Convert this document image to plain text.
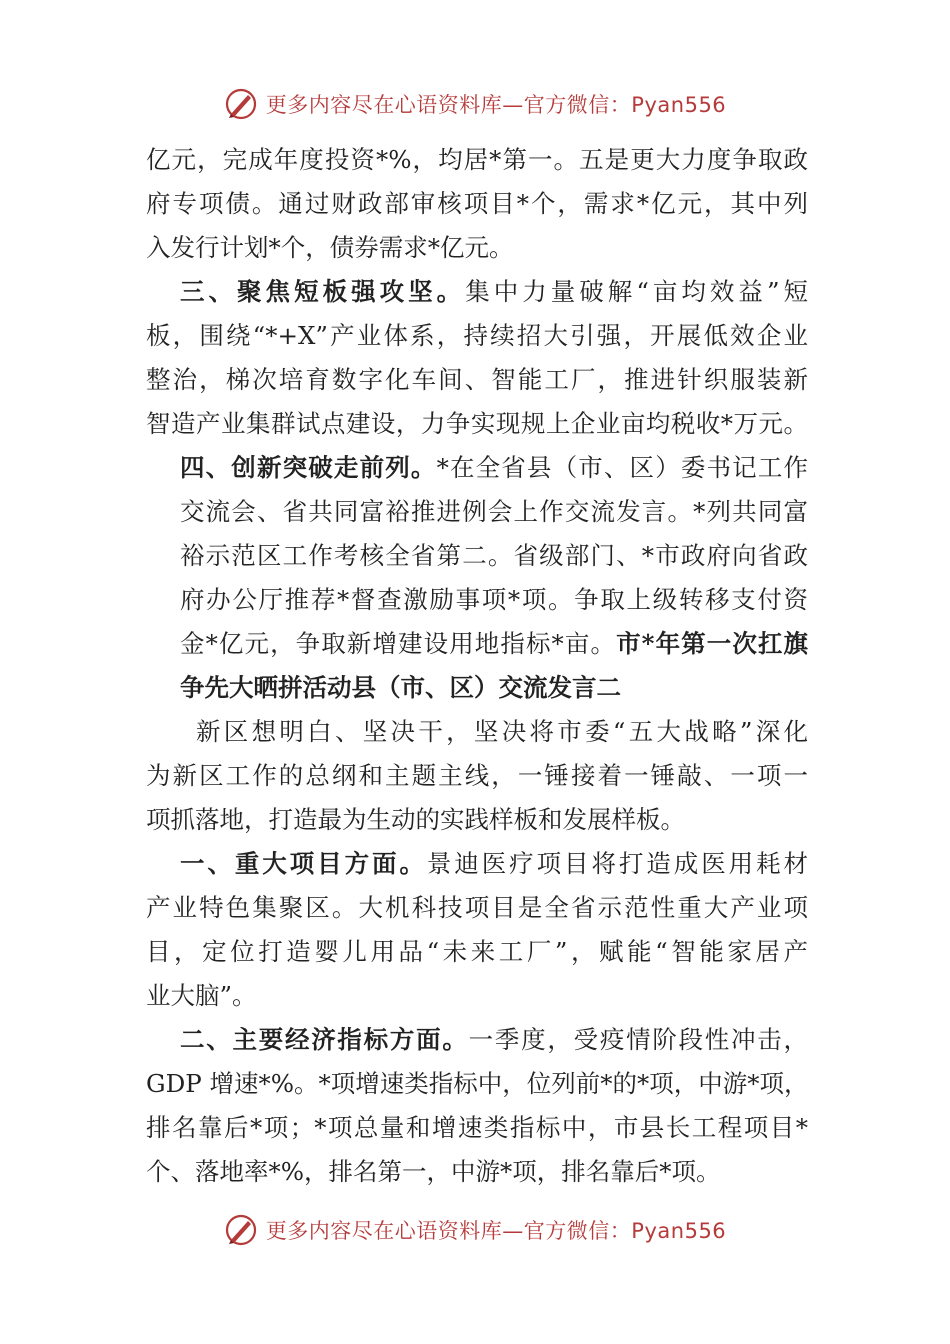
更多内容尽在心语资料库—官方微信：Pyan556
亿元，完成年度投资*%，均居*第一。五是更大力度争取政
府专项债。通过财政部审核项目*个，需求*亿元，其中列
入发行计划*个，债券需求*亿元。
三、聚焦短板强攻坚。集中力量破解“亩均效益”短
板，围绕“*+X”产业体系，持续招大引强，开展低效企业
整治，梯次培育数字化车间、智能工厂，推进针织服装新
智造产业集群试点建设，力争实现规上企业亩均税收*万元。
四、创新突破走前列。*在全省县（市、区）委书记工作
交流会、省共同富裕推进例会上作交流发言。*列共同富
裕示范区工作考核全省第二。省级部门、*市政府向省政
府办公厅推荐*督查激励事项*项。争取上级转移支付资
金*亿元，争取新增建设用地指标*亩。市*年第一次扛旗
争先大晒拼活动县（市、区）交流发言二
新区想明白、坚决干，坚决将市委“五大战略”深化
为新区工作的总纲和主题主线，一锤接着一锤敲、一项一
项抓落地，打造最为生动的实践样板和发展样板。
一、重大项目方面。景迪医疗项目将打造成医用耗材
产业特色集聚区。大机科技项目是全省示范性重大产业项
目，定位打造婴儿用品“未来工厂”，赋能“智能家居产
业大脑”。
二、主要经济指标方面。一季度，受疫情阶段性冲击，
GDP 增速*%。*项增速类指标中，位列前*的*项，中游*项，
排名靠后*项；*项总量和增速类指标中，市县长工程项目*
个、落地率*%，排名第一，中游*项，排名靠后*项。
更多内容尽在心语资料库—官方微信：Pyan556
